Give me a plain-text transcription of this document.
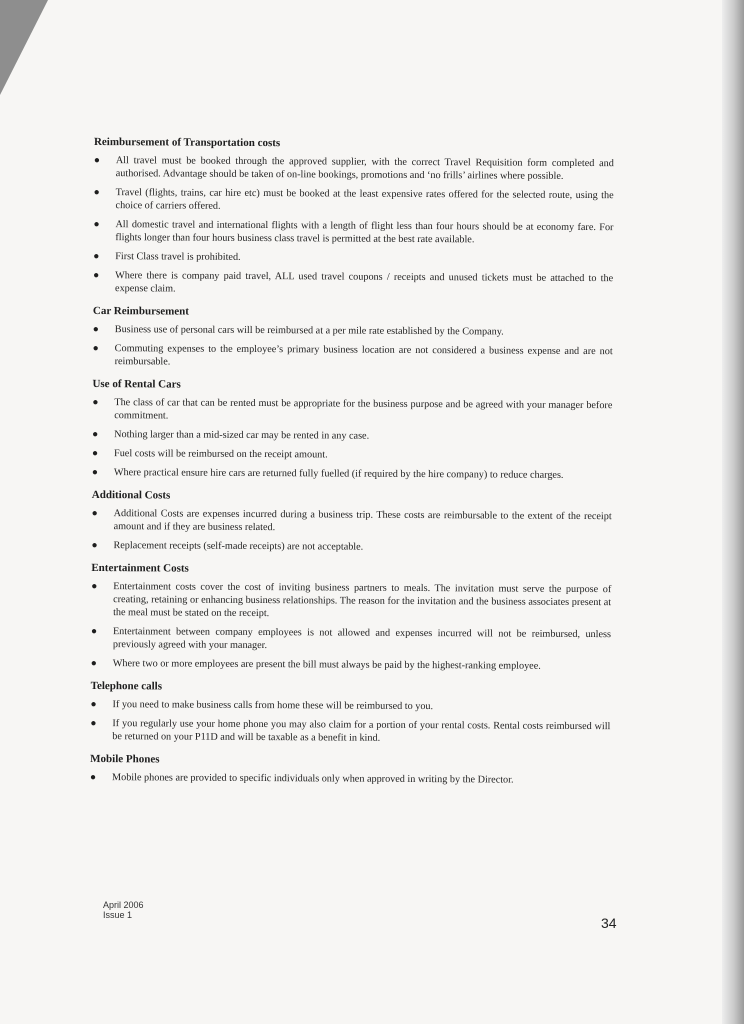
Reimbursement of Transportation costs
● All travel must be booked through the approved supplier, with the correct Travel Requisition form completed and authorised. Advantage should be taken of on-line bookings, promotions and ‘no frills’ airlines where possible.
● Travel (flights, trains, car hire etc) must be booked at the least expensive rates offered for the selected route, using the choice of carriers offered.
● All domestic travel and international flights with a length of flight less than four hours should be at economy fare. For flights longer than four hours business class travel is permitted at the best rate available.
● First Class travel is prohibited.
● Where there is company paid travel, ALL used travel coupons / receipts and unused tickets must be attached to the expense claim.
Car Reimbursement
● Business use of personal cars will be reimbursed at a per mile rate established by the Company.
● Commuting expenses to the employee’s primary business location are not considered a business expense and are not reimbursable.
Use of Rental Cars
● The class of car that can be rented must be appropriate for the business purpose and be agreed with your manager before commitment.
● Nothing larger than a mid-sized car may be rented in any case.
● Fuel costs will be reimbursed on the receipt amount.
● Where practical ensure hire cars are returned fully fuelled (if required by the hire company) to reduce charges.
Additional Costs
● Additional Costs are expenses incurred during a business trip. These costs are reimbursable to the extent of the receipt amount and if they are business related.
● Replacement receipts (self-made receipts) are not acceptable.
Entertainment Costs
● Entertainment costs cover the cost of inviting business partners to meals. The invitation must serve the purpose of creating, retaining or enhancing business relationships. The reason for the invitation and the business associates present at the meal must be stated on the receipt.
● Entertainment between company employees is not allowed and expenses incurred will not be reimbursed, unless previously agreed with your manager.
● Where two or more employees are present the bill must always be paid by the highest-ranking employee.
Telephone calls
● If you need to make business calls from home these will be reimbursed to you.
● If you regularly use your home phone you may also claim for a portion of your rental costs. Rental costs reimbursed will be returned on your P11D and will be taxable as a benefit in kind.
Mobile Phones
● Mobile phones are provided to specific individuals only when approved in writing by the Director.
April 2006
Issue 1	34
